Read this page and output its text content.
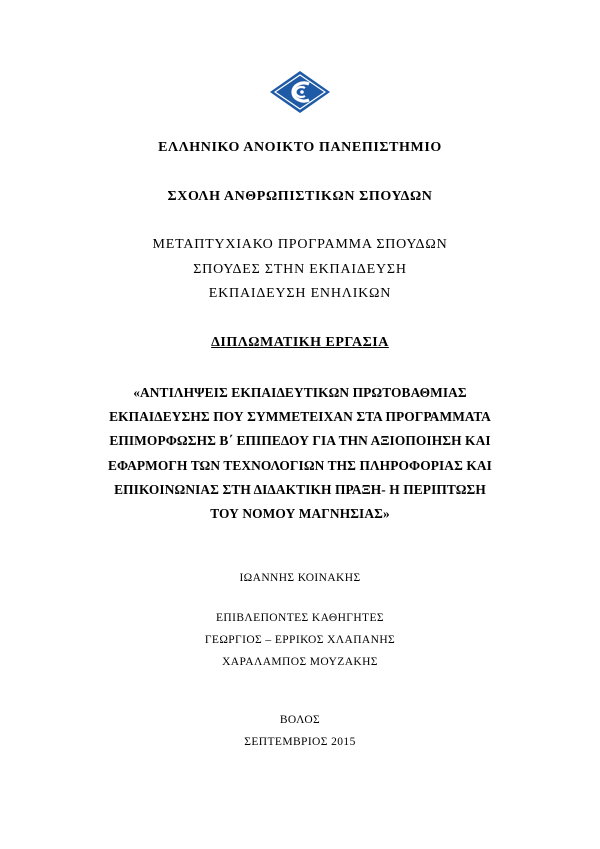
ΕΛΛΗΝΙΚΟ ΑΝΟΙΚΤΟ ΠΑΝΕΠΙΣΤΗΜΙΟ
ΣΧΟΛΗ ΑΝΘΡΩΠΙΣΤΙΚΩΝ ΣΠΟΥΔΩΝ
ΜΕΤΑΠΤΥΧΙΑΚΟ ΠΡΟΓΡΑΜΜΑ ΣΠΟΥΔΩΝ
ΣΠΟΥΔΕΣ ΣΤΗΝ ΕΚΠΑΙΔΕΥΣΗ
ΕΚΠΑΙΔΕΥΣΗ ΕΝΗΛΙΚΩΝ
ΔΙΠΛΩΜΑΤΙΚΗ ΕΡΓΑΣΙΑ
«ΑΝΤΙΛΗΨΕΙΣ ΕΚΠΑΙΔΕΥΤΙΚΩΝ ΠΡΩΤΟΒΑΘΜΙΑΣ
ΕΚΠΑΙΔΕΥΣΗΣ ΠΟΥ ΣΥΜΜΕΤΕΙΧΑΝ ΣΤΑ ΠΡΟΓΡΑΜΜΑΤΑ
ΕΠΙΜΟΡΦΩΣΗΣ Β΄ ΕΠΙΠΕΔΟΥ ΓΙΑ ΤΗΝ ΑΞΙΟΠΟΙΗΣΗ ΚΑΙ
ΕΦΑΡΜΟΓΗ ΤΩΝ ΤΕΧΝΟΛΟΓΙΩΝ ΤΗΣ ΠΛΗΡΟΦΟΡΙΑΣ ΚΑΙ
ΕΠΙΚΟΙΝΩΝΙΑΣ ΣΤΗ ΔΙΔΑΚΤΙΚΗ ΠΡΑΞΗ- Η ΠΕΡΙΠΤΩΣΗ
ΤΟΥ ΝΟΜΟΥ ΜΑΓΝΗΣΙΑΣ»
ΙΩΑΝΝΗΣ ΚΟΙΝΑΚΗΣ
ΕΠΙΒΛΕΠΟΝΤΕΣ ΚΑΘΗΓΗΤΕΣ
ΓΕΩΡΓΙΟΣ – ΕΡΡΙΚΟΣ ΧΛΑΠΑΝΗΣ
ΧΑΡΑΛΑΜΠΟΣ ΜΟΥΖΑΚΗΣ
ΒΟΛΟΣ
ΣΕΠΤΕΜΒΡΙΟΣ 2015
